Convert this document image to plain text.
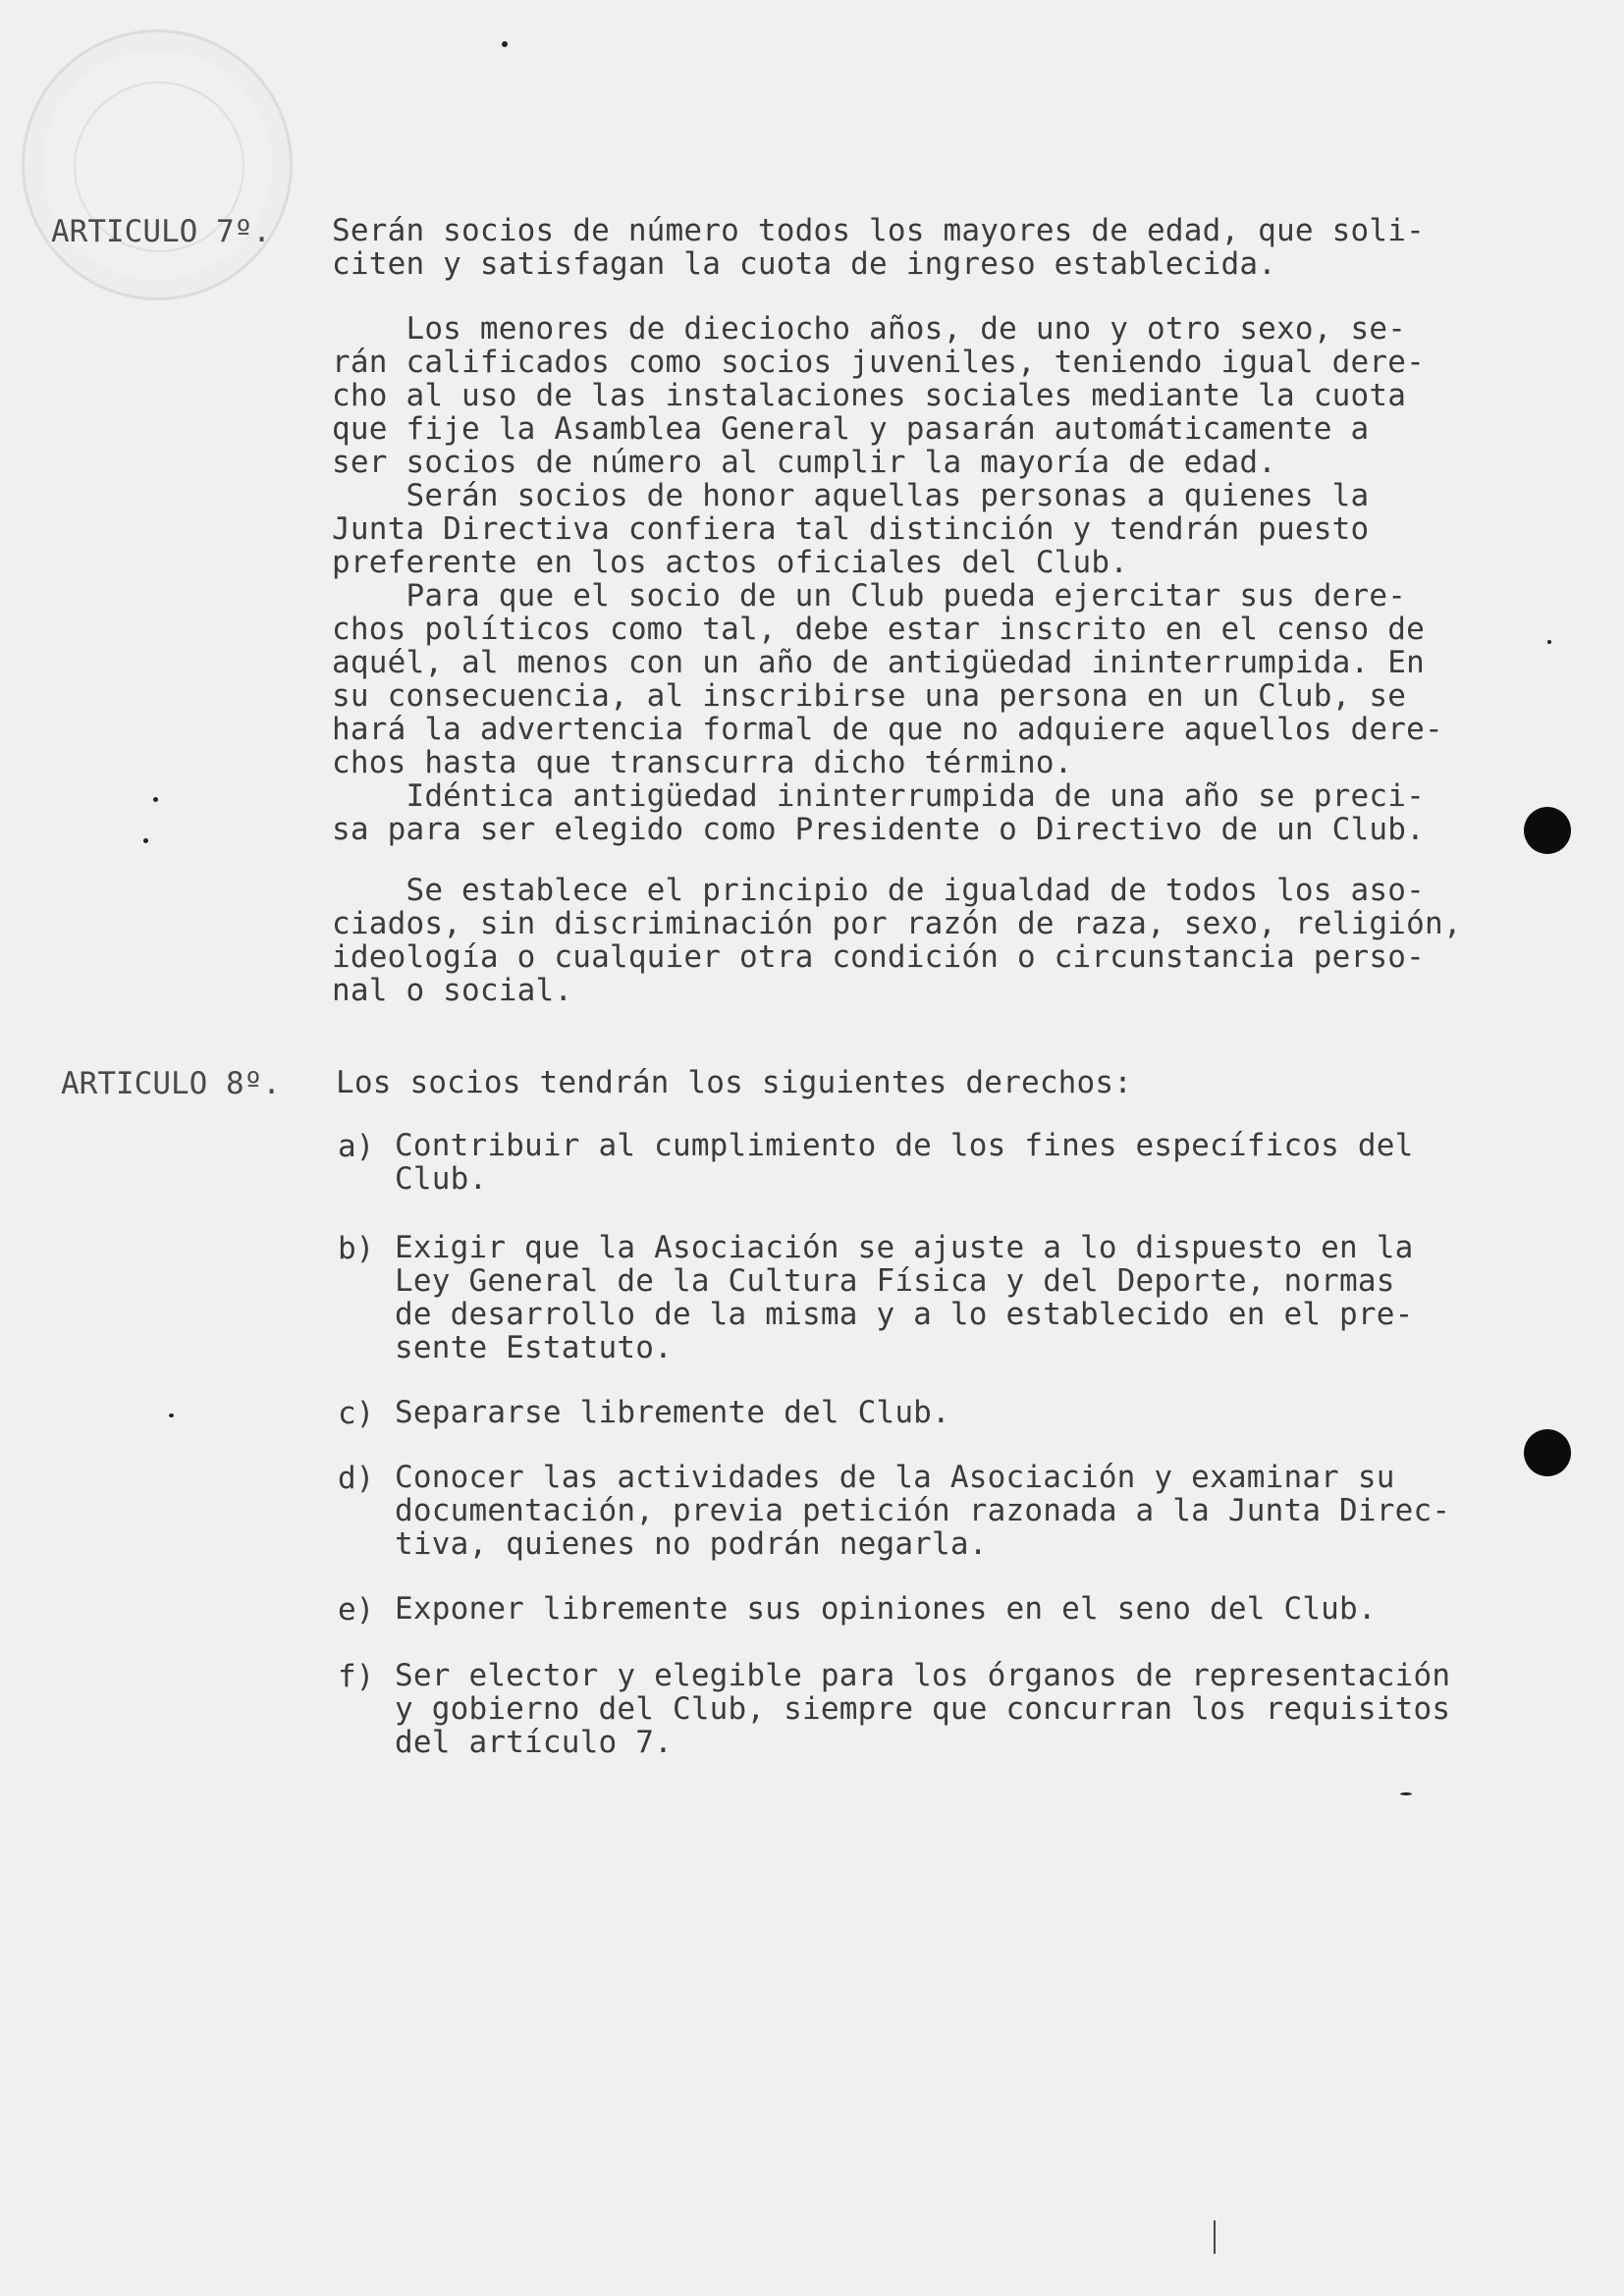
ARTICULO 7º. Serán socios de número todos los mayores de edad, que soli-
citen y satisfagan la cuota de ingreso establecida.
Los menores de dieciocho años, de uno y otro sexo, se-
rán calificados como socios juveniles, teniendo igual dere-
cho al uso de las instalaciones sociales mediante la cuota
que fije la Asamblea General y pasarán automáticamente a
ser socios de número al cumplir la mayoría de edad.
Serán socios de honor aquellas personas a quienes la
Junta Directiva confiera tal distinción y tendrán puesto
preferente en los actos oficiales del Club.
Para que el socio de un Club pueda ejercitar sus dere-
chos políticos como tal, debe estar inscrito en el censo de
aquél, al menos con un año de antigüedad ininterrumpida. En
su consecuencia, al inscribirse una persona en un Club, se
hará la advertencia formal de que no adquiere aquellos dere-
chos hasta que transcurra dicho término.
Idéntica antigüedad ininterrumpida de una año se preci-
sa para ser elegido como Presidente o Directivo de un Club.
Se establece el principio de igualdad de todos los aso-
ciados, sin discriminación por razón de raza, sexo, religión,
ideología o cualquier otra condición o circunstancia perso-
nal o social.
ARTICULO 8º. Los socios tendrán los siguientes derechos:
a) Contribuir al cumplimiento de los fines específicos del
Club.
b) Exigir que la Asociación se ajuste a lo dispuesto en la
Ley General de la Cultura Física y del Deporte, normas
de desarrollo de la misma y a lo establecido en el pre-
sente Estatuto.
c) Separarse libremente del Club.
d) Conocer las actividades de la Asociación y examinar su
documentación, previa petición razonada a la Junta Direc-
tiva, quienes no podrán negarla.
e) Exponer libremente sus opiniones en el seno del Club.
f) Ser elector y elegible para los órganos de representación
y gobierno del Club, siempre que concurran los requisitos
del artículo 7.
